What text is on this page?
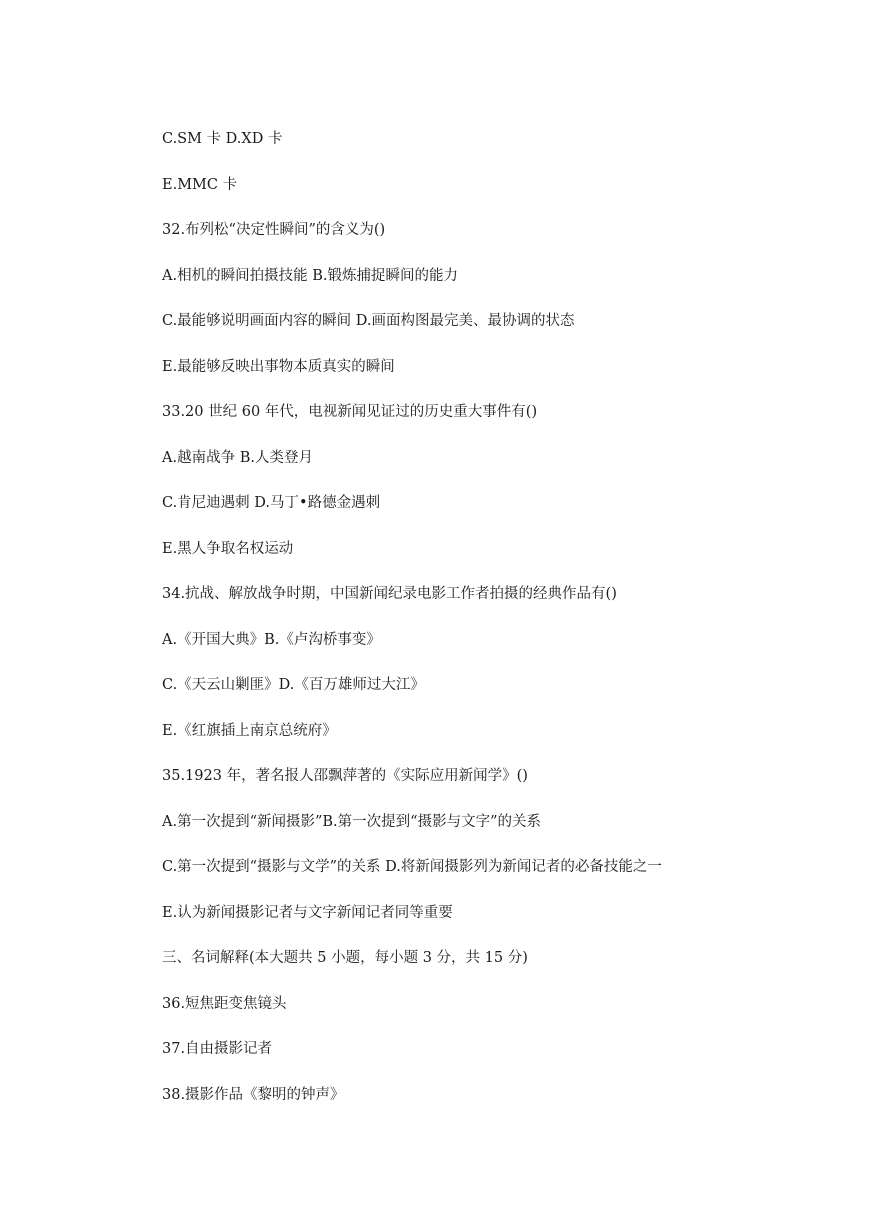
C.SM 卡 D.XD 卡
E.MMC 卡
32.布列松“决定性瞬间”的含义为()
A.相机的瞬间拍摄技能 B.锻炼捕捉瞬间的能力
C.最能够说明画面内容的瞬间 D.画面构图最完美、最协调的状态
E.最能够反映出事物本质真实的瞬间
33.20 世纪 60 年代，电视新闻见证过的历史重大事件有()
A.越南战争 B.人类登月
C.肯尼迪遇刺 D.马丁•路德金遇刺
E.黑人争取名权运动
34.抗战、解放战争时期，中国新闻纪录电影工作者拍摄的经典作品有()
A.《开国大典》B.《卢沟桥事变》
C.《天云山剿匪》D.《百万雄师过大江》
E.《红旗插上南京总统府》
35.1923 年，著名报人邵飘萍著的《实际应用新闻学》()
A.第一次提到“新闻摄影”B.第一次提到“摄影与文字”的关系
C.第一次提到“摄影与文学”的关系 D.将新闻摄影列为新闻记者的必备技能之一
E.认为新闻摄影记者与文字新闻记者同等重要
三、名词解释(本大题共 5 小题，每小题 3 分，共 15 分)
36.短焦距变焦镜头
37.自由摄影记者
38.摄影作品《黎明的钟声》
